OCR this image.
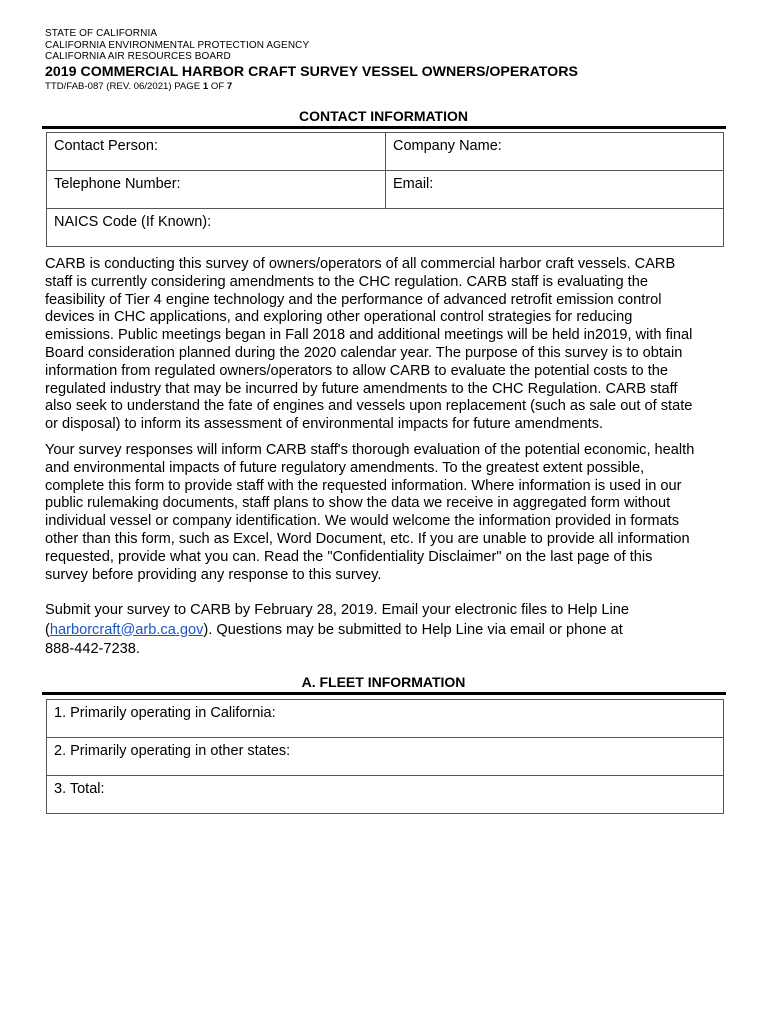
STATE OF CALIFORNIA
CALIFORNIA ENVIRONMENTAL PROTECTION AGENCY
CALIFORNIA AIR RESOURCES BOARD
2019 COMMERCIAL HARBOR CRAFT SURVEY VESSEL OWNERS/OPERATORS
TTD/FAB-087 (REV. 06/2021) PAGE 1 OF 7
CONTACT INFORMATION
Contact Person:	Company Name:
Telephone Number:	Email:
NAICS Code (If Known):
CARB is conducting this survey of owners/operators of all commercial harbor craft vessels. CARB
staff is currently considering amendments to the CHC regulation. CARB staff is evaluating the
feasibility of Tier 4 engine technology and the performance of advanced retrofit emission control
devices in CHC applications, and exploring other operational control strategies for reducing
emissions. Public meetings began in Fall 2018 and additional meetings will be held in2019, with final
Board consideration planned during the 2020 calendar year. The purpose of this survey is to obtain
information from regulated owners/operators to allow CARB to evaluate the potential costs to the
regulated industry that may be incurred by future amendments to the CHC Regulation. CARB staff
also seek to understand the fate of engines and vessels upon replacement (such as sale out of state
or disposal) to inform its assessment of environmental impacts for future amendments.
Your survey responses will inform CARB staff's thorough evaluation of the potential economic, health
and environmental impacts of future regulatory amendments. To the greatest extent possible,
complete this form to provide staff with the requested information. Where information is used in our
public rulemaking documents, staff plans to show the data we receive in aggregated form without
individual vessel or company identification. We would welcome the information provided in formats
other than this form, such as Excel, Word Document, etc. If you are unable to provide all information
requested, provide what you can. Read the "Confidentiality Disclaimer" on the last page of this
survey before providing any response to this survey.
Submit your survey to CARB by February 28, 2019. Email your electronic files to Help Line
(harborcraft@arb.ca.gov). Questions may be submitted to Help Line via email or phone at
888-442-7238.
A. FLEET INFORMATION
1. Primarily operating in California:
2. Primarily operating in other states:
3. Total:
